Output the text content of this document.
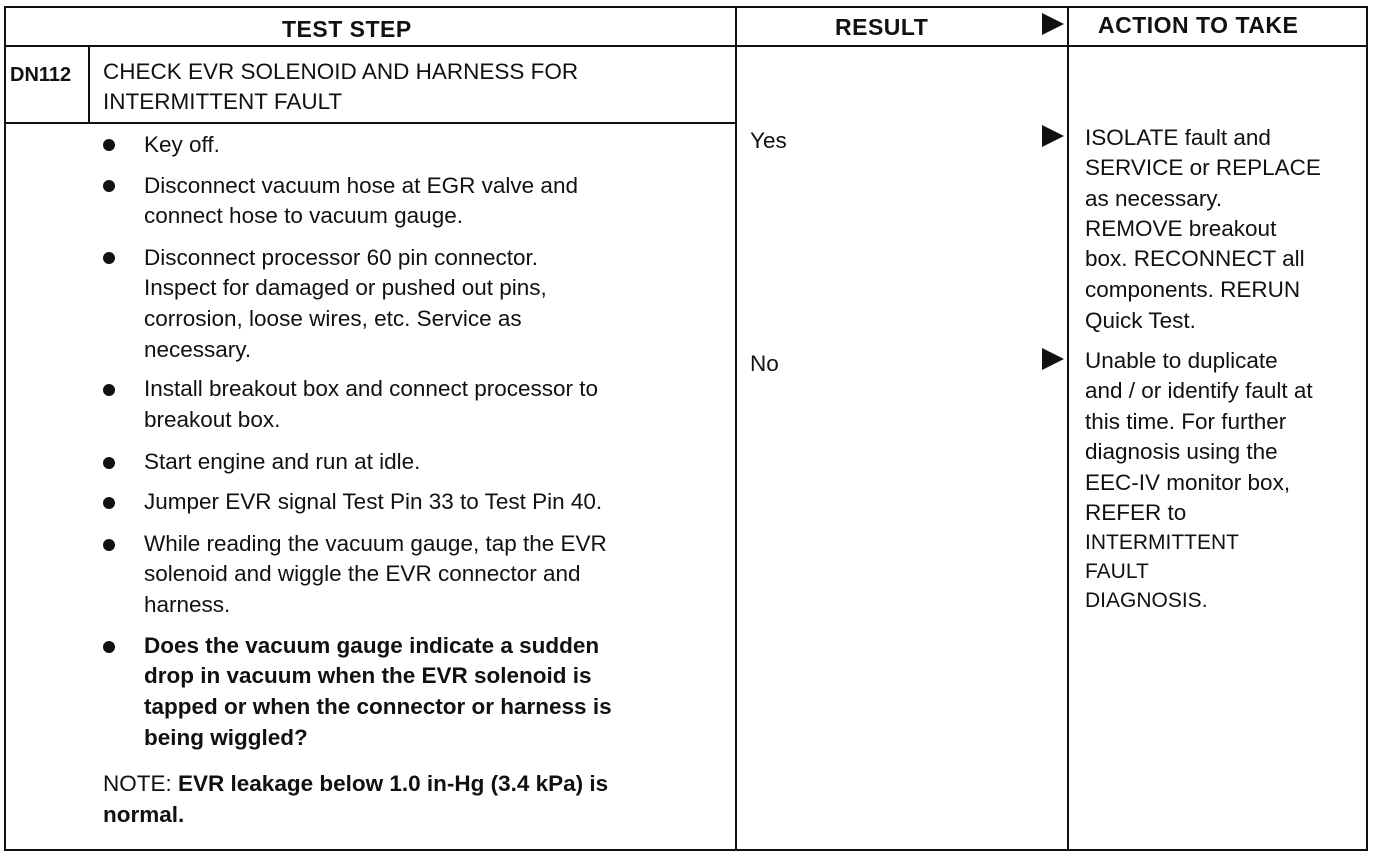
TEST STEP	RESULT	ACTION TO TAKE
DN112 CHECK EVR SOLENOID AND HARNESS FOR
INTERMITTENT FAULT
Key off.
Disconnect vacuum hose at EGR valve and
connect hose to vacuum gauge.
Disconnect processor 60 pin connector.
Inspect for damaged or pushed out pins,
corrosion, loose wires, etc. Service as
necessary.
Install breakout box and connect processor to
breakout box.
Start engine and run at idle.
Jumper EVR signal Test Pin 33 to Test Pin 40.
While reading the vacuum gauge, tap the EVR
solenoid and wiggle the EVR connector and
harness.
Does the vacuum gauge indicate a sudden
drop in vacuum when the EVR solenoid is
tapped or when the connector or harness is
being wiggled?
NOTE: EVR leakage below 1.0 in-Hg (3.4 kPa) is
normal.
Yes
No
ISOLATE fault and
SERVICE or REPLACE
as necessary.
REMOVE breakout
box. RECONNECT all
components. RERUN
Quick Test.
Unable to duplicate
and / or identify fault at
this time. For further
diagnosis using the
EEC-IV monitor box,
REFER to
INTERMITTENT
FAULT
DIAGNOSIS.
